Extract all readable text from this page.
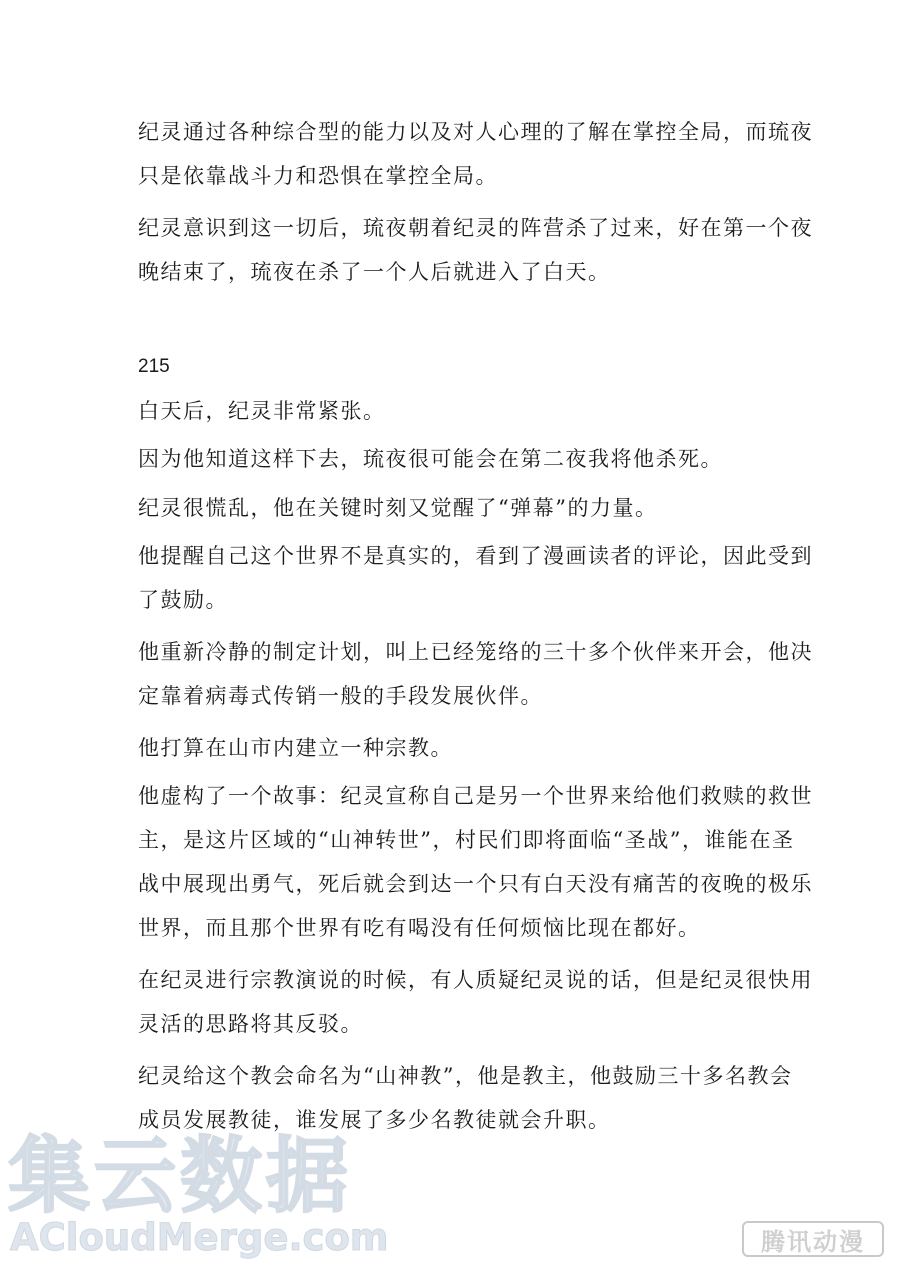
纪灵通过各种综合型的能力以及对人心理的了解在掌控全局，而琉夜
只是依靠战斗力和恐惧在掌控全局。
纪灵意识到这一切后，琉夜朝着纪灵的阵营杀了过来，好在第一个夜
晚结束了，琉夜在杀了一个人后就进入了白天。

215

白天后，纪灵非常紧张。
因为他知道这样下去，琉夜很可能会在第二夜我将他杀死。
纪灵很慌乱，他在关键时刻又觉醒了“弹幕”的力量。
他提醒自己这个世界不是真实的，看到了漫画读者的评论，因此受到
了鼓励。
他重新冷静的制定计划，叫上已经笼络的三十多个伙伴来开会，他决
定靠着病毒式传销一般的手段发展伙伴。
他打算在山市内建立一种宗教。
他虚构了一个故事：纪灵宣称自己是另一个世界来给他们救赎的救世
主，是这片区域的“山神转世”，村民们即将面临“圣战”，谁能在圣
战中展现出勇气，死后就会到达一个只有白天没有痛苦的夜晚的极乐
世界，而且那个世界有吃有喝没有任何烦恼比现在都好。
在纪灵进行宗教演说的时候，有人质疑纪灵说的话，但是纪灵很快用
灵活的思路将其反驳。
纪灵给这个教会命名为“山神教”，他是教主，他鼓励三十多名教会
成员发展教徒，谁发展了多少名教徒就会升职。

集云数据

ACloudMerge.com	腾讯动漫
